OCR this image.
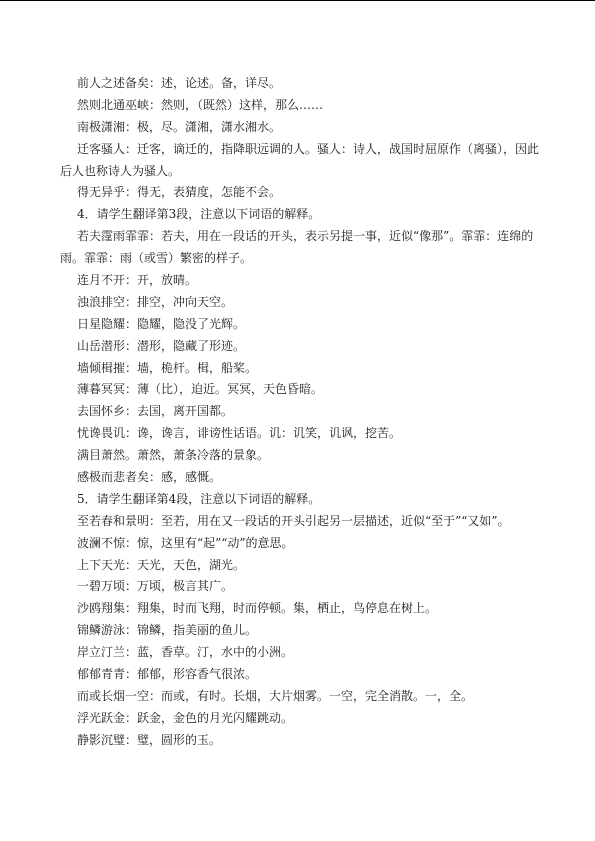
前人之述备矣：述，论述。备，详尽。
然则北通巫峡：然则，（既然）这样，那么……
南极潇湘：极，尽。潇湘，潇水湘水。
迁客骚人：迁客，谪迁的，指降职远调的人。骚人：诗人，战国时屈原作（离骚），因此
后人也称诗人为骚人。
得无异乎：得无，表猜度，怎能不会。
4．请学生翻译第3段，注意以下词语的解释。
若夫霪雨霏霏：若夫，用在一段话的开头，表示另提一事，近似“像那”。霏霏：连绵的
雨。霏霏：雨（或雪）繁密的样子。
连月不开：开，放晴。
浊浪排空：排空，冲向天空。
日星隐耀：隐耀，隐没了光辉。
山岳潜形：潜形，隐藏了形迹。
墙倾楫摧：墙，桅杆。楫，船桨。
薄暮冥冥：薄（比），迫近。冥冥，天色昏暗。
去国怀乡：去国，离开国都。
忧谗畏讥：谗，谗言，诽谤性话语。讥：讥笑，讥讽，挖苦。
满目萧然。萧然，萧条冷落的景象。
感极而悲者矣：感，感慨。
5．请学生翻译第4段，注意以下词语的解释。
至若春和景明：至若，用在又一段话的开头引起另一层描述，近似“至于”“又如”。
波澜不惊：惊，这里有“起”“动”的意思。
上下天光：天光，天色，湖光。
一碧万顷：万顷，极言其广。
沙鸥翔集：翔集，时而飞翔，时而停顿。集，栖止，鸟停息在树上。
锦鳞游泳：锦鳞，指美丽的鱼儿。
岸立汀兰：蓝，香草。汀，水中的小洲。
郁郁青青：郁郁，形容香气很浓。
而或长烟一空：而或，有时。长烟，大片烟雾。一空，完全消散。一，全。
浮光跃金：跃金，金色的月光闪耀跳动。
静影沉璧：璧，圆形的玉。
